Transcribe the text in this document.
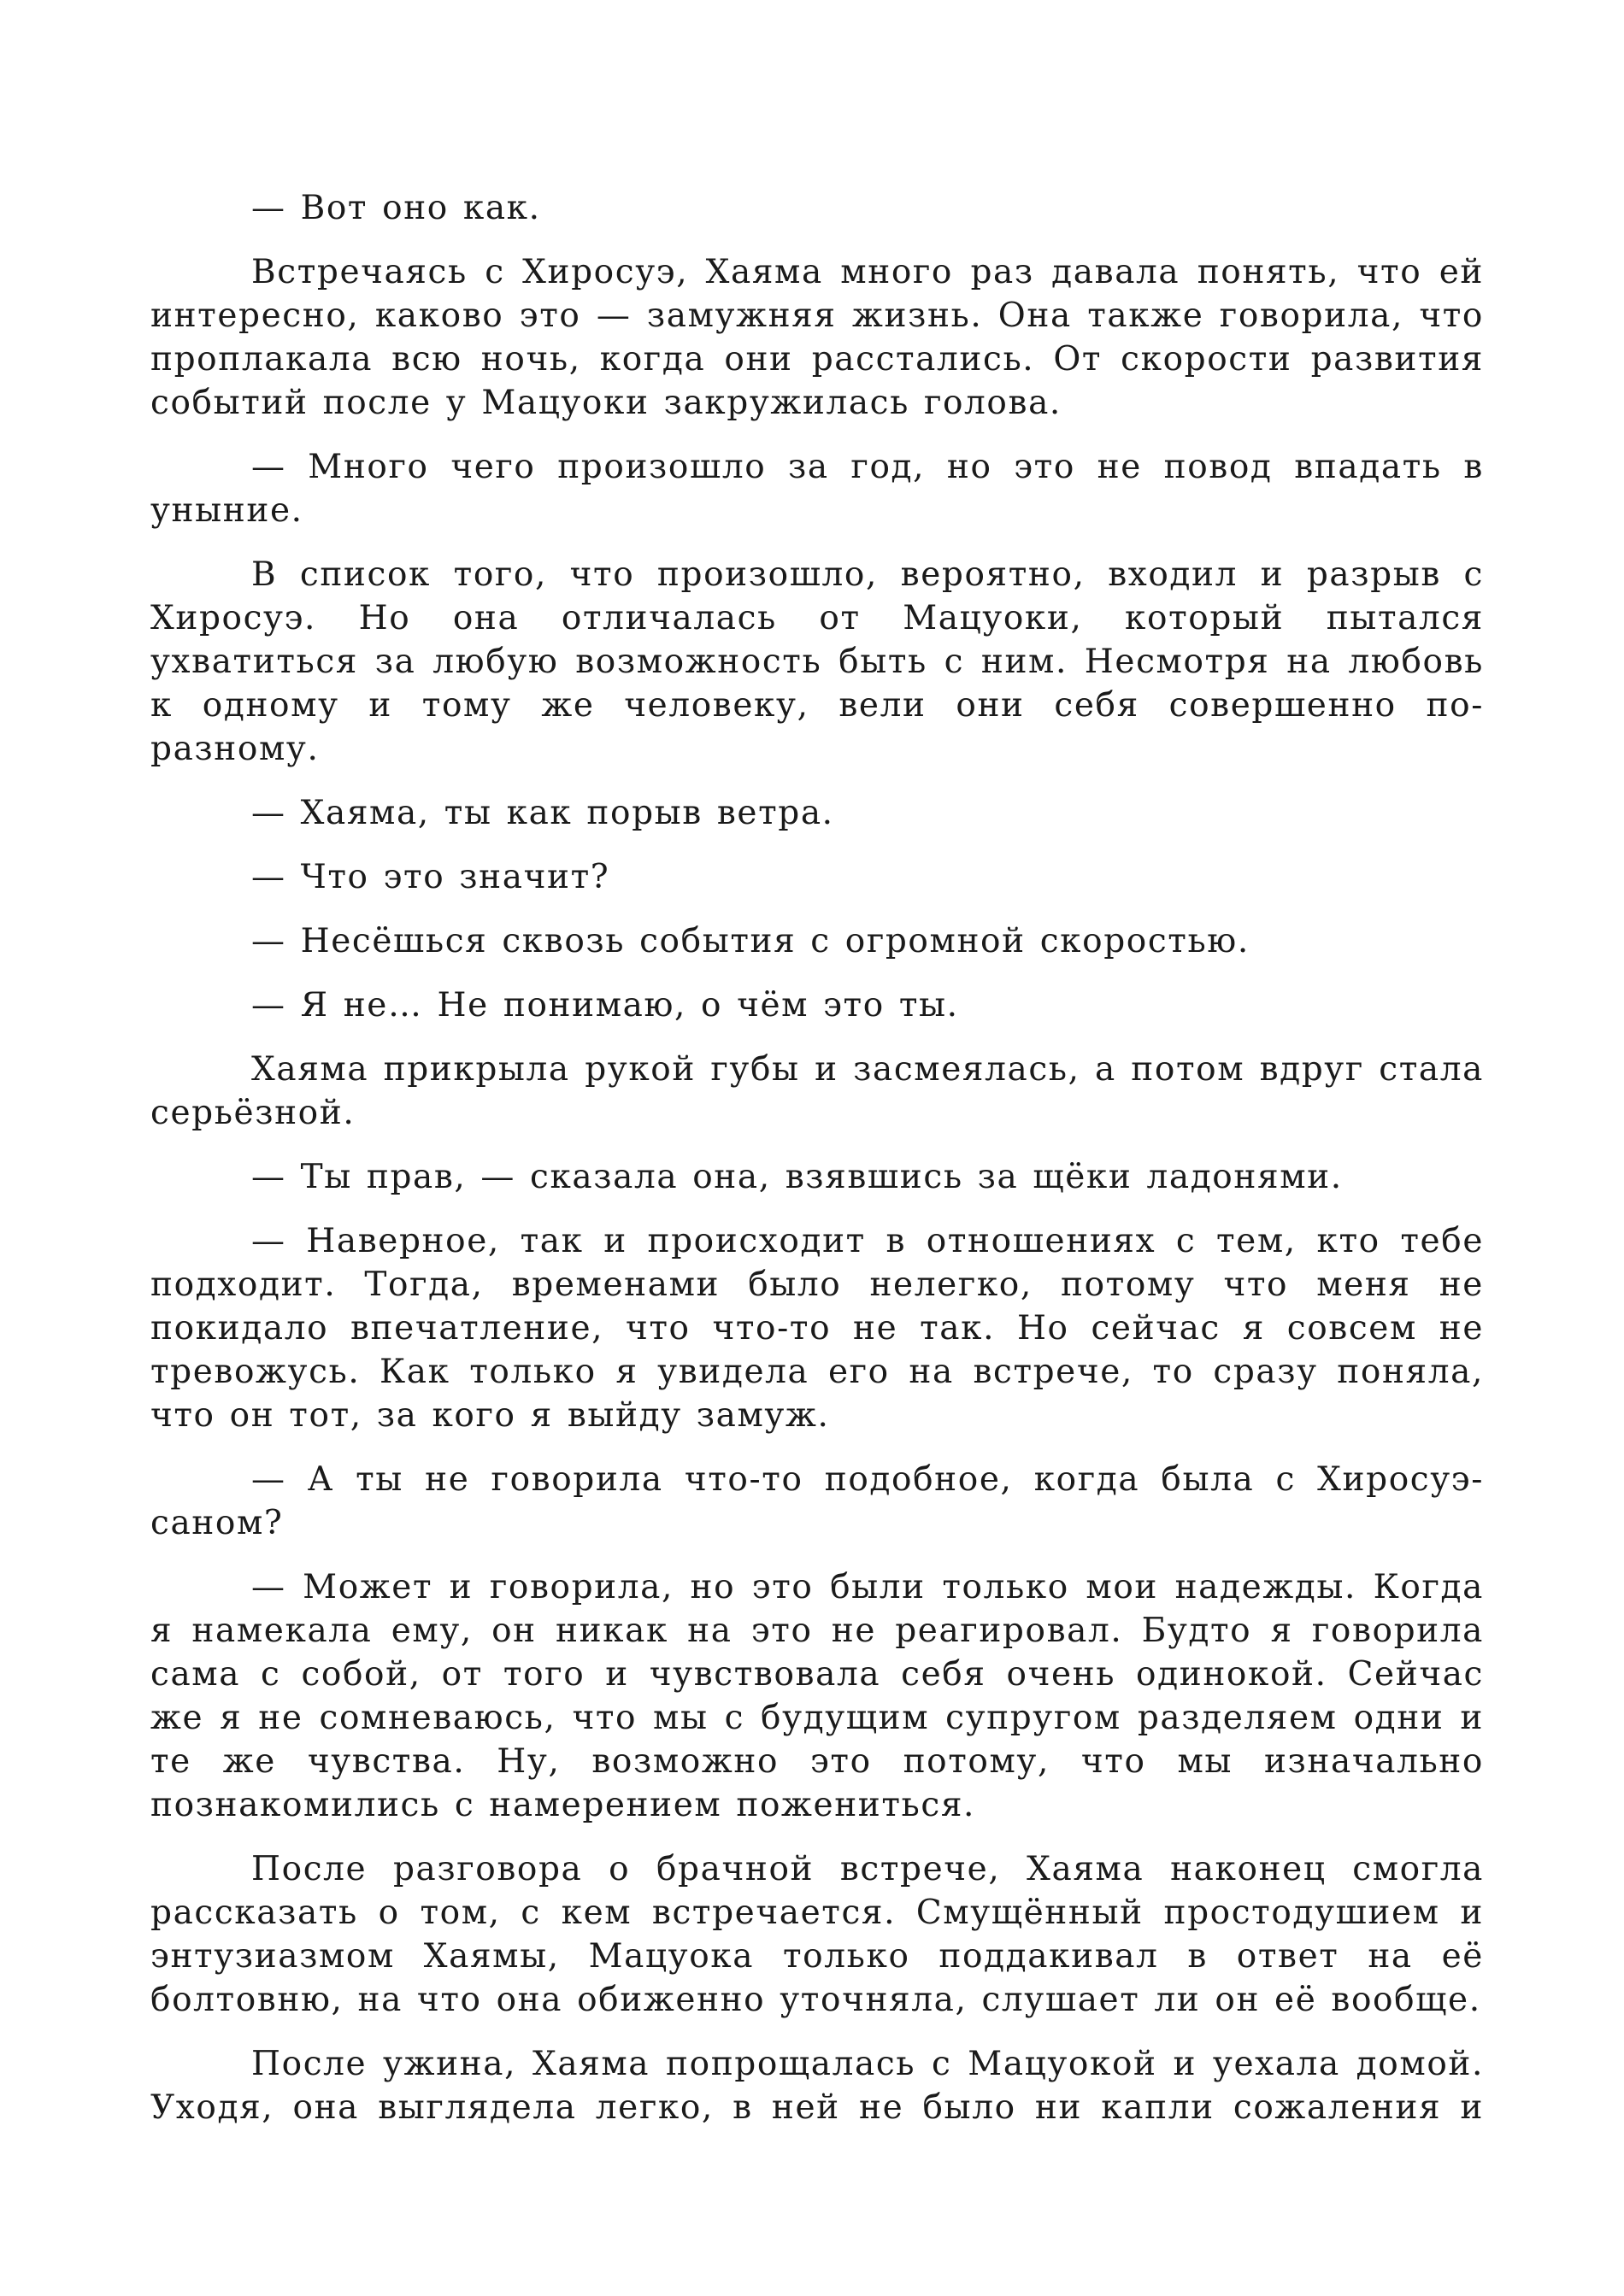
— Вот оно как.

Встречаясь с Хиросуэ, Хаяма много раз давала понять, что ей интересно, каково это — замужняя жизнь. Она также говорила, что проплакала всю ночь, когда они расстались. От скорости развития событий после у Мацуоки закружилась голова.

— Много чего произошло за год, но это не повод впадать в уныние.

В список того, что произошло, вероятно, входил и разрыв с Хиросуэ. Но она отличалась от Мацуоки, который пытался ухватиться за любую возможность быть с ним. Несмотря на любовь к одному и тому же человеку, вели они себя совершенно по-разному.

— Хаяма, ты как порыв ветра.

— Что это значит?

— Несёшься сквозь события с огромной скоростью.

— Я не… Не понимаю, о чём это ты.

Хаяма прикрыла рукой губы и засмеялась, а потом вдруг стала серьёзной.

— Ты прав, — сказала она, взявшись за щёки ладонями.

— Наверное, так и происходит в отношениях с тем, кто тебе подходит. Тогда, временами было нелегко, потому что меня не покидало впечатление, что что-то не так. Но сейчас я совсем не тревожусь. Как только я увидела его на встрече, то сразу поняла, что он тот, за кого я выйду замуж.

— А ты не говорила что-то подобное, когда была с Хиросуэ-саном?

— Может и говорила, но это были только мои надежды. Когда я намекала ему, он никак на это не реагировал. Будто я говорила сама с собой, от того и чувствовала себя очень одинокой. Сейчас же я не сомневаюсь, что мы с будущим супругом разделяем одни и те же чувства. Ну, возможно это потому, что мы изначально познакомились с намерением пожениться.

После разговора о брачной встрече, Хаяма наконец смогла рассказать о том, с кем встречается. Смущённый простодушием и энтузиазмом Хаямы, Мацуока только поддакивал в ответ на её болтовню, на что она обиженно уточняла, слушает ли он её вообще.

После ужина, Хаяма попрощалась с Мацуокой и уехала домой. Уходя, она выглядела легко, в ней не было ни капли сожаления и
